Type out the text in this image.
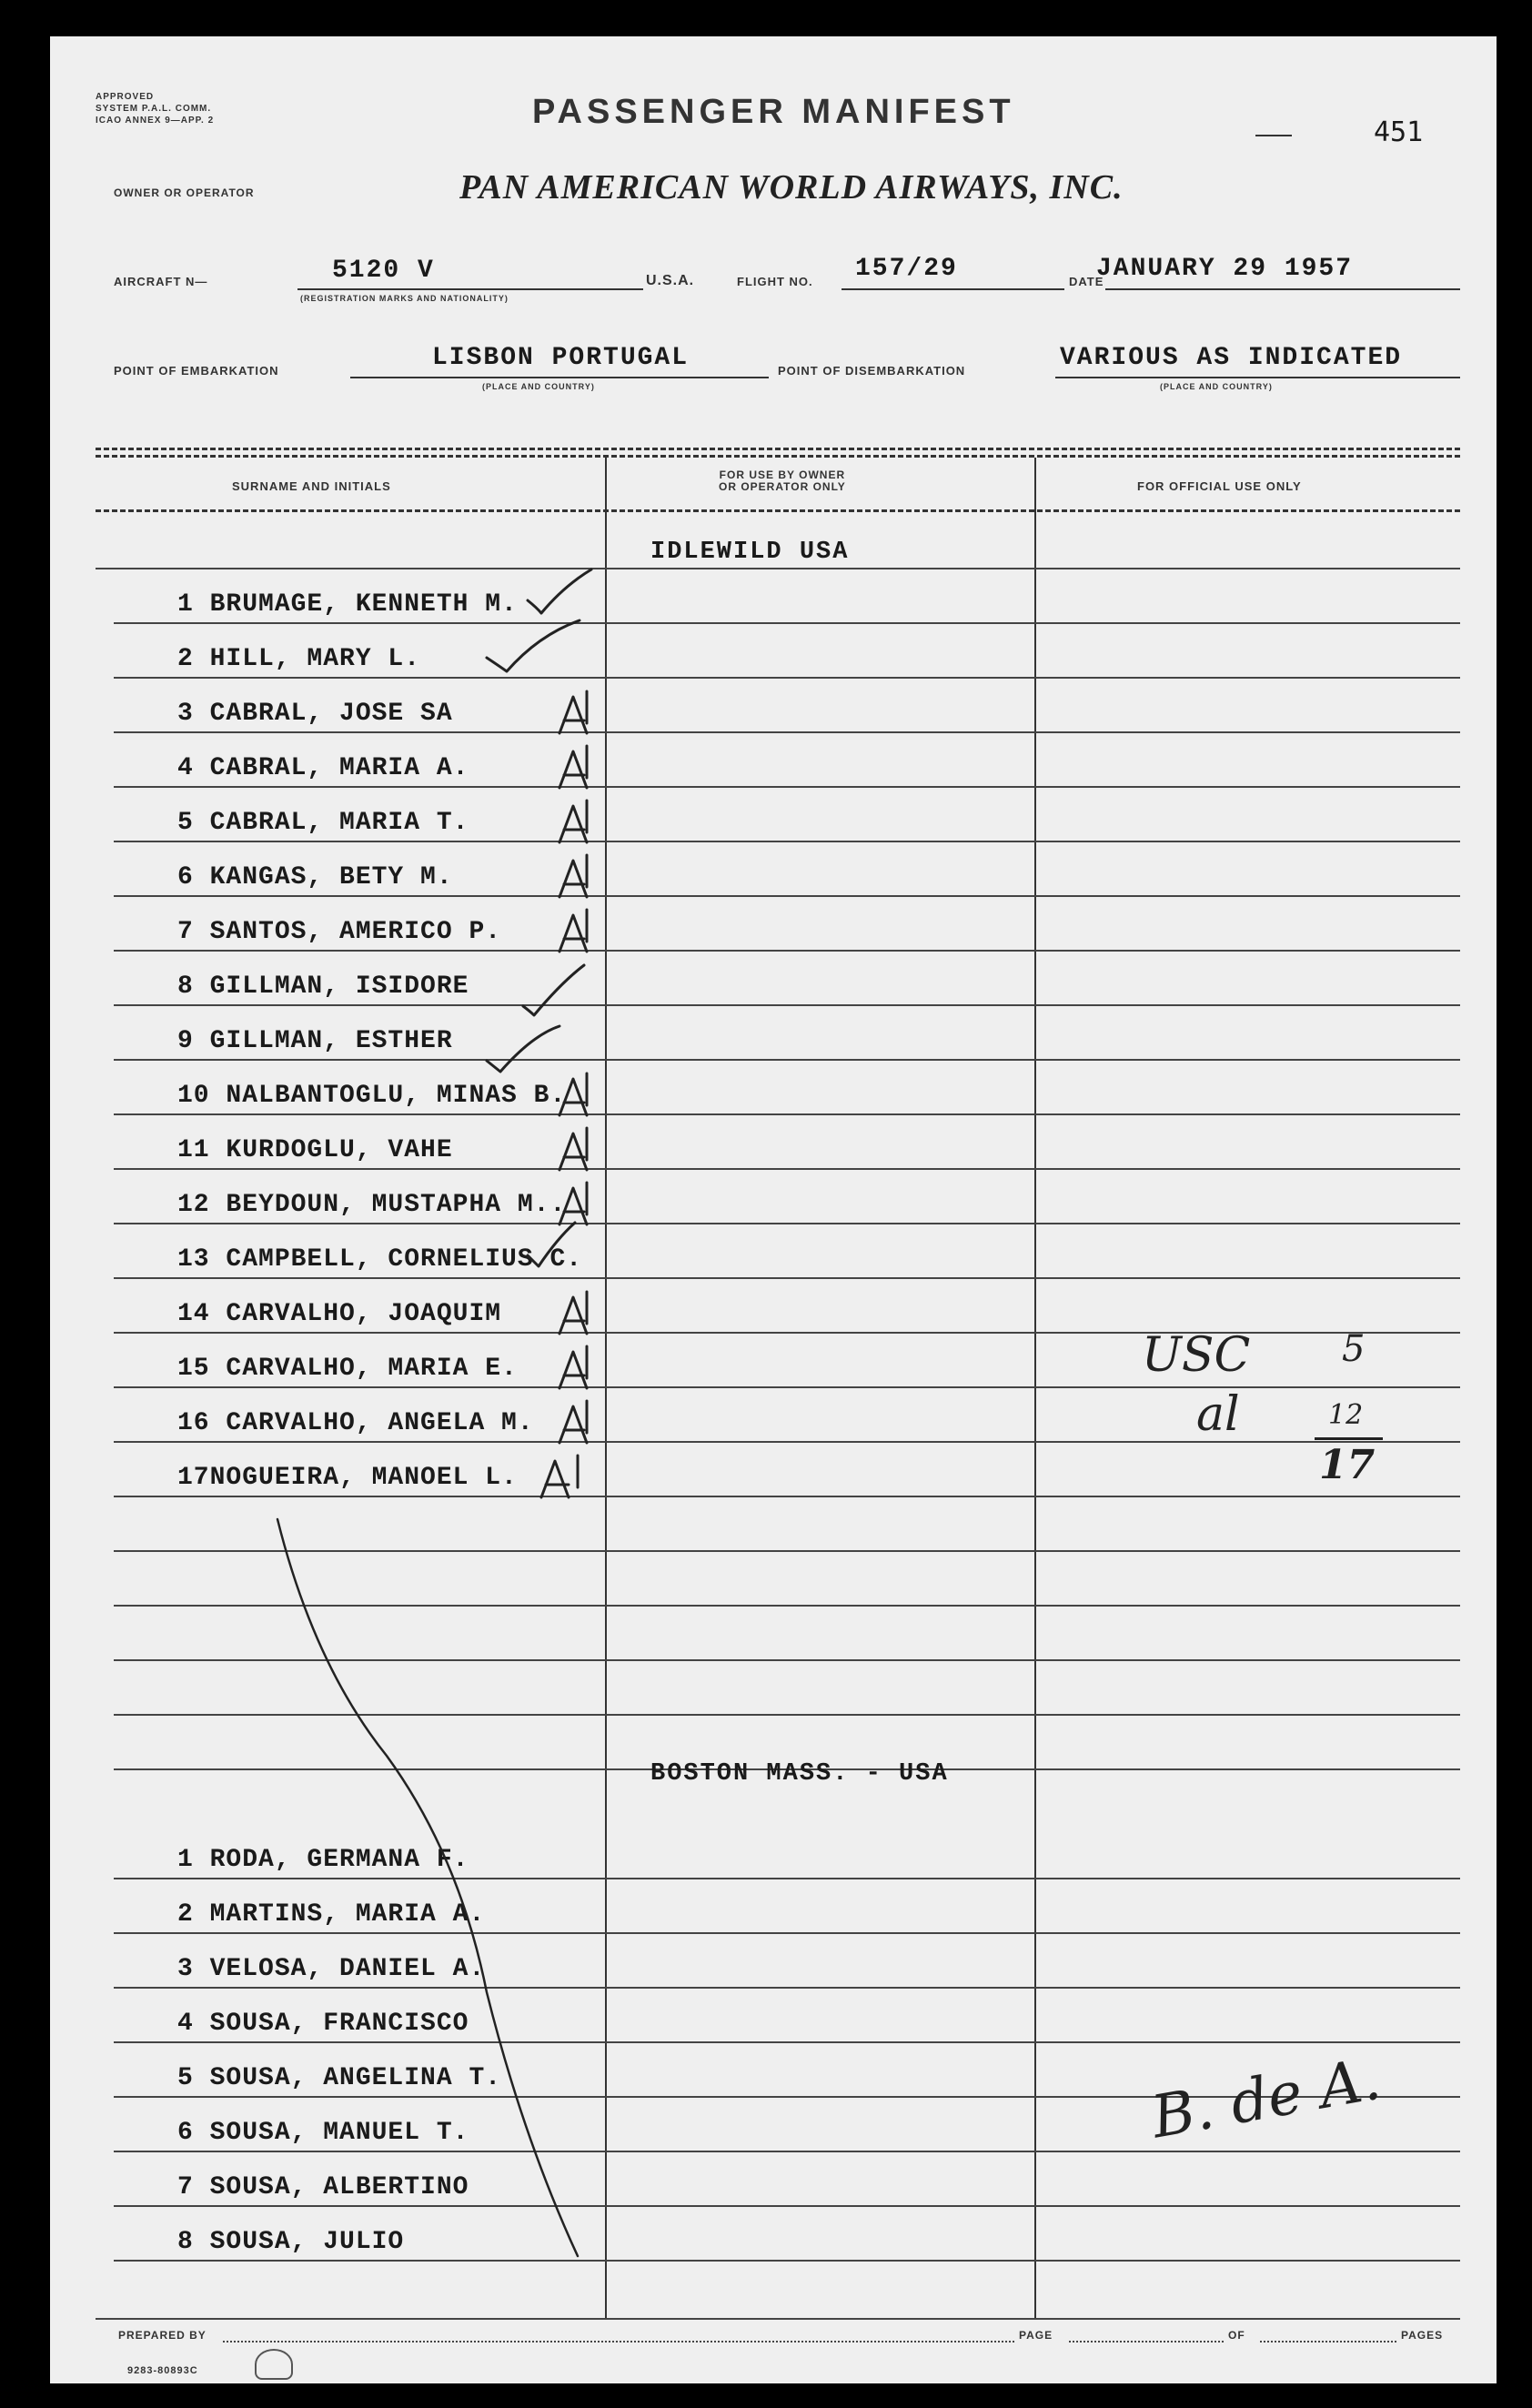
APPROVED
SYSTEM P.A.L. COMM.
ICAO ANNEX 9—APP. 2	PASSENGER MANIFEST
451
OWNER OR OPERATOR	PAN AMERICAN WORLD AIRWAYS, INC.
AIRCRAFT N—	5120 V
(REGISTRATION MARKS AND NATIONALITY)
U.S.A.	FLIGHT NO. 157/29	DATE
JANUARY 29 1957
POINT OF EMBARKATION	LISBON PORTUGAL
(PLACE AND COUNTRY)
POINT OF DISEMBARKATION	VARIOUS AS INDICATED
(PLACE AND COUNTRY)
SURNAME AND INITIALS
FOR USE BY OWNER
OR OPERATOR ONLY	FOR OFFICIAL USE ONLY
IDLEWILD USA
1 BRUMAGE, KENNETH M.
2 HILL, MARY L.
3 CABRAL, JOSE SA
4 CABRAL, MARIA A.
5 CABRAL, MARIA T.
6 KANGAS, BETY M.
7 SANTOS, AMERICO P.
8 GILLMAN, ISIDORE
9 GILLMAN, ESTHER
10 NALBANTOGLU, MINAS B.
11 KURDOGLU, VAHE
12 BEYDOUN, MUSTAPHA M..
13 CAMPBELL, CORNELIUS C.
14 CARVALHO, JOAQUIM
15 CARVALHO, MARIA E.
16 CARVALHO, ANGELA M.
17NOGUEIRA, MANOEL L.
BOSTON MASS. - USA
1 RODA, GERMANA F.
2 MARTINS, MARIA A.
3 VELOSA, DANIEL A.
4 SOUSA, FRANCISCO
5 SOUSA, ANGELINA T.
6 SOUSA, MANUEL T.
7 SOUSA, ALBERTINO
8 SOUSA, JULIO
USC	5
al	12
17
B. de A.
PREPARED BY	PAGE	OF	PAGES
9283-80893C
